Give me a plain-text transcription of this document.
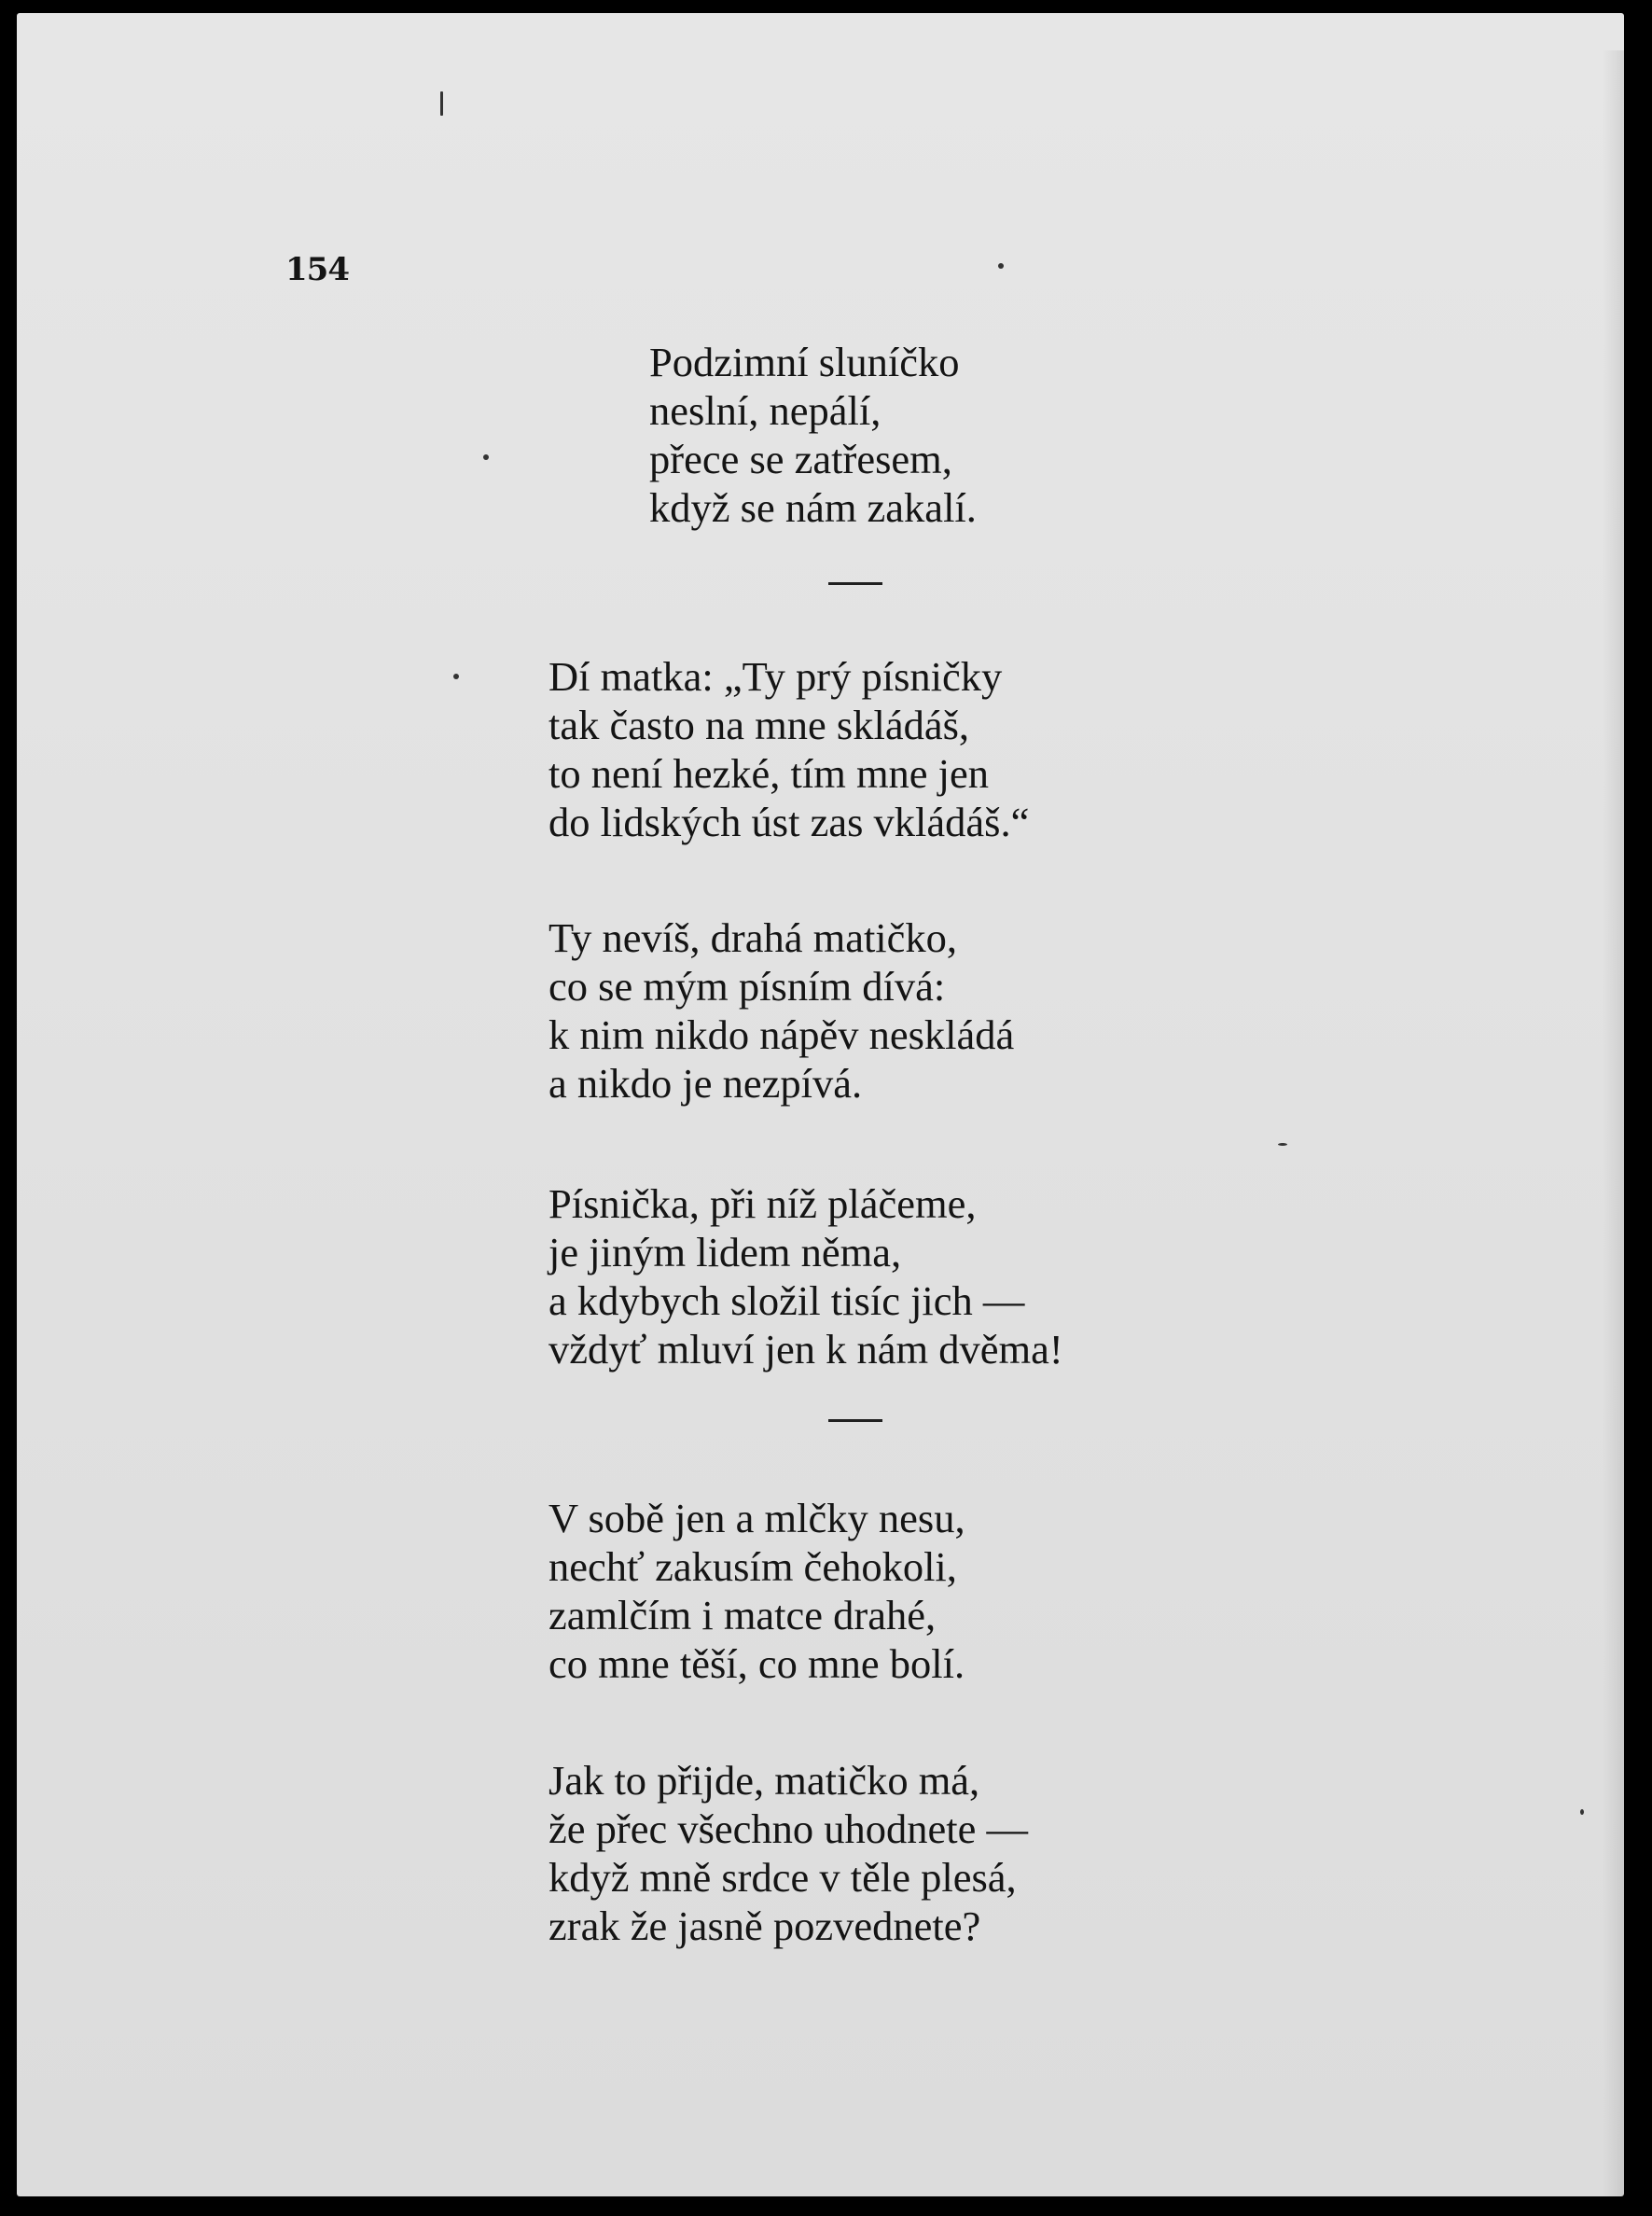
154
Podzimní sluníčko
neslní, nepálí,
přece se zatřesem,
když se nám zakalí.
Dí matka: „Ty prý písničky
tak často na mne skládáš,
to není hezké, tím mne jen
do lidských úst zas vkládáš.“
Ty nevíš, drahá matičko,
co se mým písním dívá:
k nim nikdo nápěv neskládá
a nikdo je nezpívá.
Písnička, při níž pláčeme,
je jiným lidem něma,
a kdybych složil tisíc jich —
vždyť mluví jen k nám dvěma!
V sobě jen a mlčky nesu,
nechť zakusím čehokoli,
zamlčím i matce drahé,
co mne těší, co mne bolí.
Jak to přijde, matičko má,
že přec všechno uhodnete —
když mně srdce v těle plesá,
zrak že jasně pozvednete?
